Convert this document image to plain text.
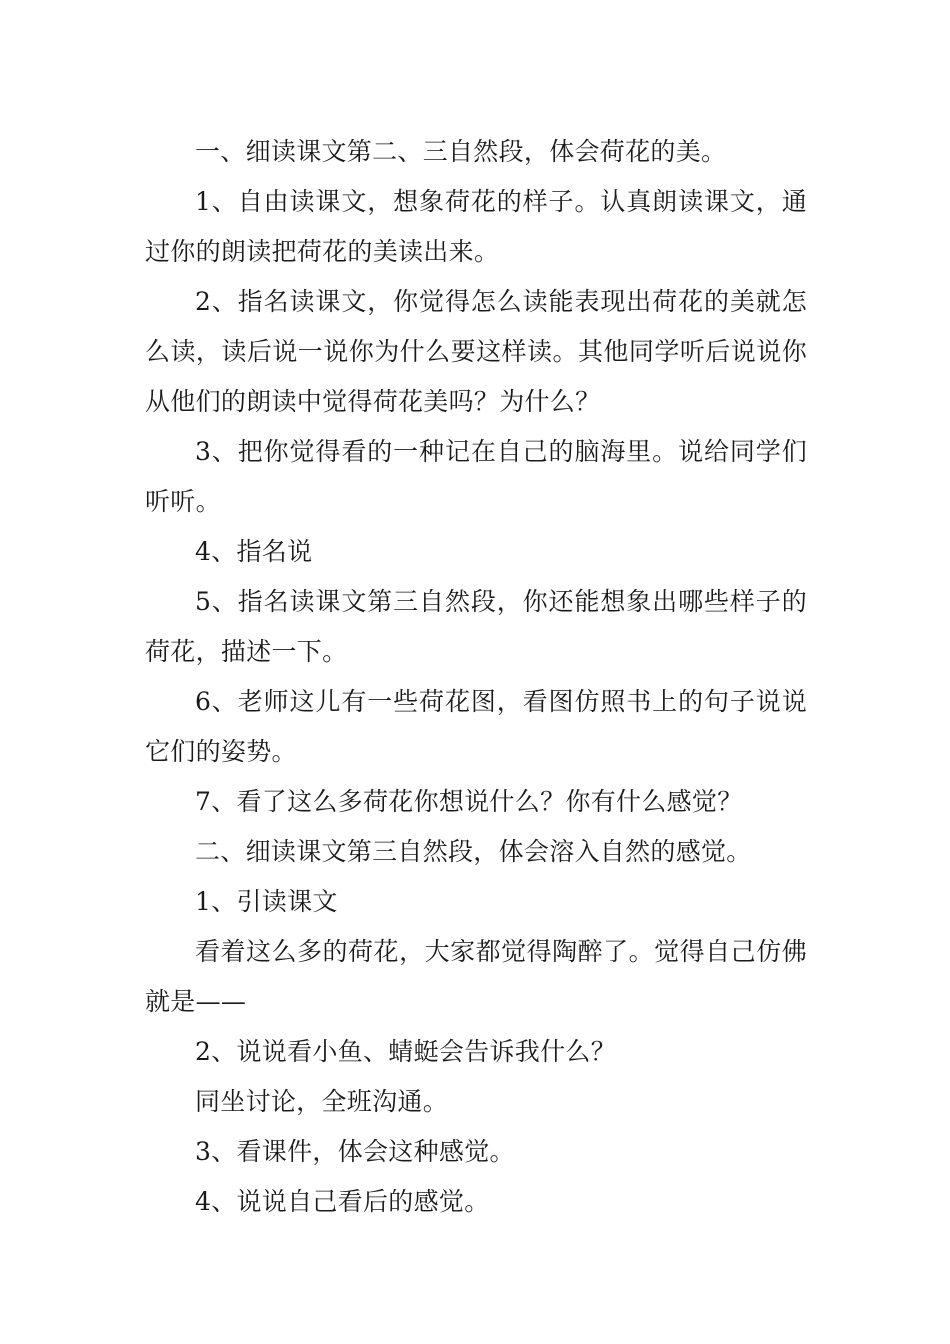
一、细读课文第二、三自然段，体会荷花的美。

1、自由读课文，想象荷花的样子。认真朗读课文，通过你的朗读把荷花的美读出来。

2、指名读课文，你觉得怎么读能表现出荷花的美就怎么读，读后说一说你为什么要这样读。其他同学听后说说你从他们的朗读中觉得荷花美吗？为什么？

3、把你觉得看的一种记在自己的脑海里。说给同学们听听。

4、指名说

5、指名读课文第三自然段，你还能想象出哪些样子的荷花，描述一下。

6、老师这儿有一些荷花图，看图仿照书上的句子说说它们的姿势。

7、看了这么多荷花你想说什么？你有什么感觉？

二、细读课文第三自然段，体会溶入自然的感觉。

1、引读课文

看着这么多的荷花，大家都觉得陶醉了。觉得自己仿佛就是——

2、说说看小鱼、蜻蜓会告诉我什么？

同坐讨论，全班沟通。

3、看课件，体会这种感觉。

4、说说自己看后的感觉。
